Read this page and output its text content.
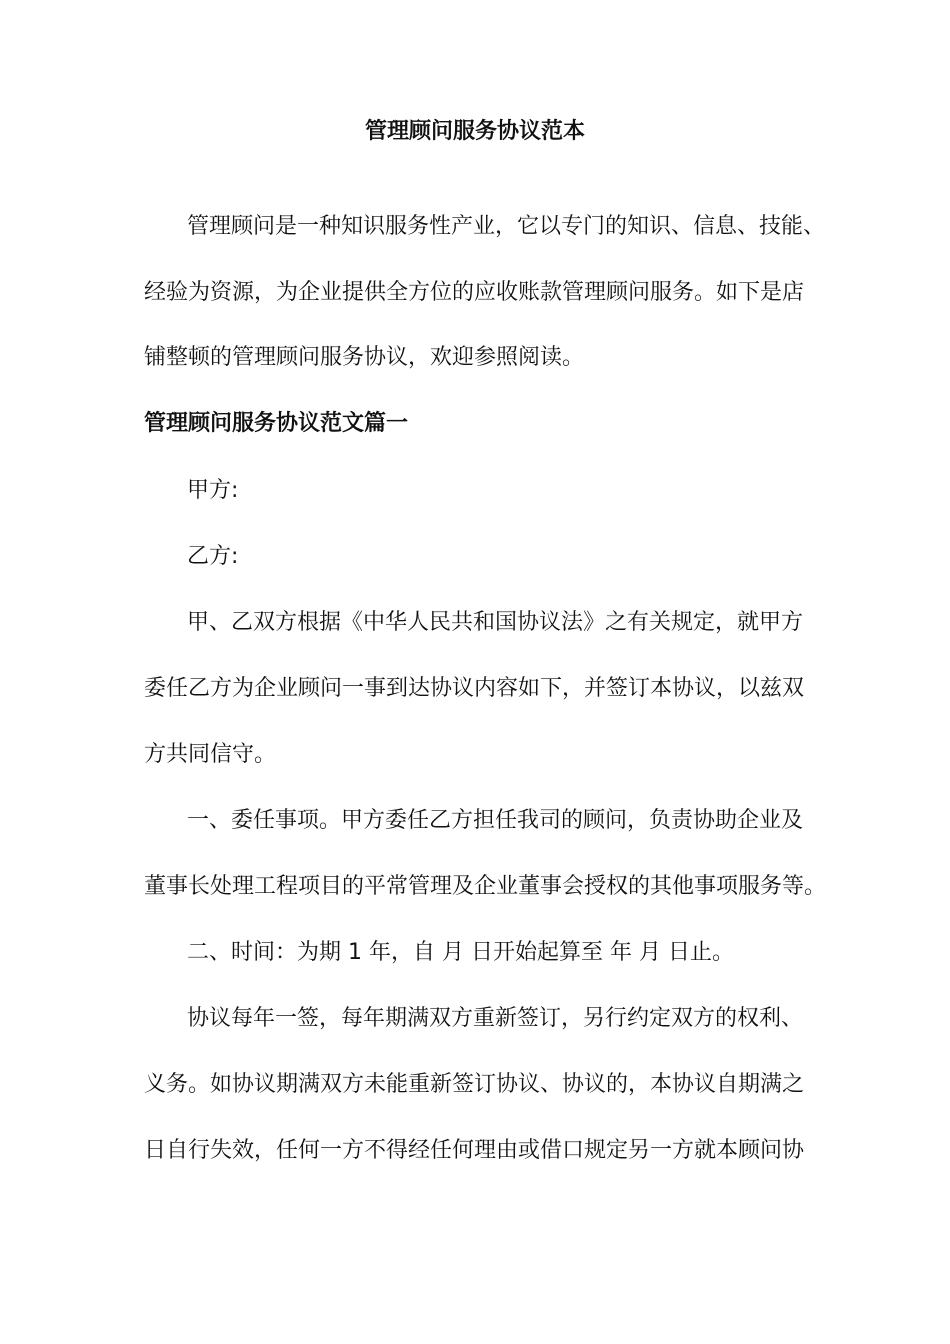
管理顾问服务协议范本
管理顾问是一种知识服务性产业，它以专门的知识、信息、技能、
经验为资源，为企业提供全方位的应收账款管理顾问服务。如下是店
铺整顿的管理顾问服务协议，欢迎参照阅读。
管理顾问服务协议范文篇一
甲方:
乙方:
甲、乙双方根据《中华人民共和国协议法》之有关规定，就甲方
委任乙方为企业顾问一事到达协议内容如下，并签订本协议，以兹双
方共同信守。
一、委任事项。甲方委任乙方担任我司的顾问，负责协助企业及
董事长处理工程项目的平常管理及企业董事会授权的其他事项服务等。
二、时间：为期 1 年，自 月 日开始起算至 年 月 日止。
协议每年一签，每年期满双方重新签订，另行约定双方的权利、
义务。如协议期满双方未能重新签订协议、协议的，本协议自期满之
日自行失效，任何一方不得经任何理由或借口规定另一方就本顾问协
